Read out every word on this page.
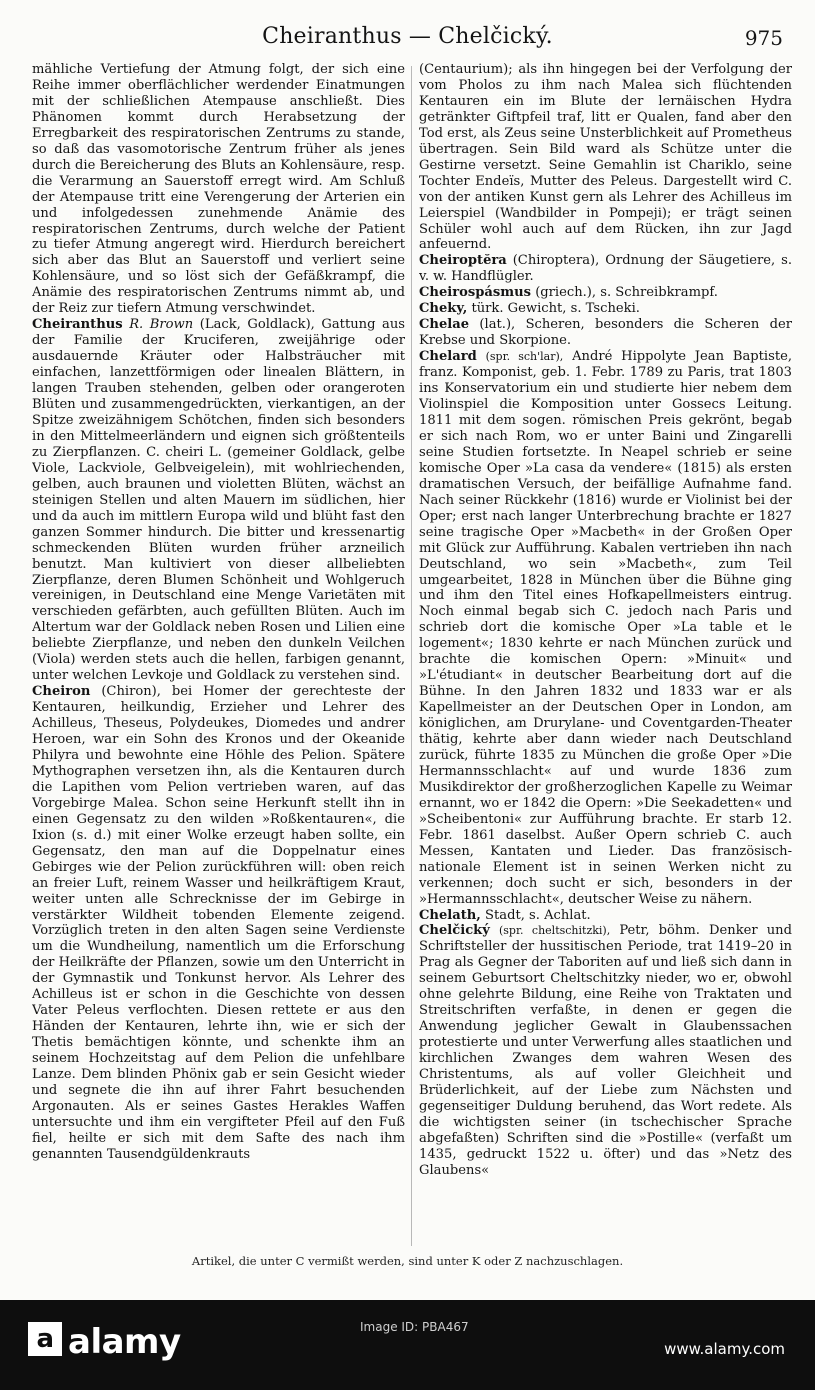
Cheiranthus — Chelčický.	975

mähliche Vertiefung der Atmung folgt, der sich eine Reihe immer oberflächlicher werdender Einatmungen mit der schließlichen Atempause anschließt. Dies Phänomen kommt durch Herabsetzung der Erregbarkeit des respiratorischen Zentrums zu stande, so daß das vasomotorische Zentrum früher als jenes durch die Bereicherung des Bluts an Kohlensäure, resp. die Verarmung an Sauerstoff erregt wird. Am Schluß der Atempause tritt eine Verengerung der Arterien ein und infolgedessen zunehmende Anämie des respiratorischen Zentrums, durch welche der Patient zu tiefer Atmung angeregt wird. Hierdurch bereichert sich aber das Blut an Sauerstoff und verliert seine Kohlensäure, und so löst sich der Gefäßkrampf, die Anämie des respiratorischen Zentrums nimmt ab, und der Reiz zur tiefern Atmung verschwindet.

Cheiranthus R. Brown (Lack, Goldlack), Gattung aus der Familie der Kruciferen, zweijährige oder ausdauernde Kräuter oder Halbsträucher mit einfachen, lanzettförmigen oder linealen Blättern, in langen Trauben stehenden, gelben oder orangeroten Blüten und zusammengedrückten, vierkantigen, an der Spitze zweizähnigem Schötchen, finden sich besonders in den Mittelmeerländern und eignen sich größtenteils zu Zierpflanzen. C. cheiri L. (gemeiner Goldlack, gelbe Viole, Lackviole, Gelbveigelein), mit wohlriechenden, gelben, auch braunen und violetten Blüten, wächst an steinigen Stellen und alten Mauern im südlichen, hier und da auch im mittlern Europa wild und blüht fast den ganzen Sommer hindurch. Die bitter und kressenartig schmeckenden Blüten wurden früher arzneilich benutzt. Man kultiviert von dieser allbeliebten Zierpflanze, deren Blumen Schönheit und Wohlgeruch vereinigen, in Deutschland eine Menge Varietäten mit verschieden gefärbten, auch gefüllten Blüten. Auch im Altertum war der Goldlack neben Rosen und Lilien eine beliebte Zierpflanze, und neben den dunkeln Veilchen (Viola) werden stets auch die hellen, farbigen genannt, unter welchen Levkoje und Goldlack zu verstehen sind.

Cheiron (Chiron), bei Homer der gerechteste der Kentauren, heilkundig, Erzieher und Lehrer des Achilleus, Theseus, Polydeukes, Diomedes und andrer Heroen, war ein Sohn des Kronos und der Okeanide Philyra und bewohnte eine Höhle des Pelion. Spätere Mythographen versetzen ihn, als die Kentauren durch die Lapithen vom Pelion vertrieben waren, auf das Vorgebirge Malea. Schon seine Herkunft stellt ihn in einen Gegensatz zu den wilden »Roßkentauren«, die Ixion (s. d.) mit einer Wolke erzeugt haben sollte, ein Gegensatz, den man auf die Doppelnatur eines Gebirges wie der Pelion zurückführen will: oben reich an freier Luft, reinem Wasser und heilkräftigem Kraut, weiter unten alle Schrecknisse der im Gebirge in verstärkter Wildheit tobenden Elemente zeigend. Vorzüglich treten in den alten Sagen seine Verdienste um die Wundheilung, namentlich um die Erforschung der Heilkräfte der Pflanzen, sowie um den Unterricht in der Gymnastik und Tonkunst hervor. Als Lehrer des Achilleus ist er schon in die Geschichte von dessen Vater Peleus verflochten. Diesen rettete er aus den Händen der Kentauren, lehrte ihn, wie er sich der Thetis bemächtigen könnte, und schenkte ihm an seinem Hochzeitstag auf dem Pelion die unfehlbare Lanze. Dem blinden Phönix gab er sein Gesicht wieder und segnete die ihn auf ihrer Fahrt besuchenden Argonauten. Als er seines Gastes Herakles Waffen untersuchte und ihm ein vergifteter Pfeil auf den Fuß fiel, heilte er sich mit dem Safte des nach ihm genannten Tausendgüldenkrauts

(Centaurium); als ihn hingegen bei der Verfolgung der vom Pholos zu ihm nach Malea sich flüchtenden Kentauren ein im Blute der lernäischen Hydra getränkter Giftpfeil traf, litt er Qualen, fand aber den Tod erst, als Zeus seine Unsterblichkeit auf Prometheus übertragen. Sein Bild ward als Schütze unter die Gestirne versetzt. Seine Gemahlin ist Chariklo, seine Tochter Endeïs, Mutter des Peleus. Dargestellt wird C. von der antiken Kunst gern als Lehrer des Achilleus im Leierspiel (Wandbilder in Pompeji); er trägt seinen Schüler wohl auch auf dem Rücken, ihn zur Jagd anfeuernd.

Cheiroptĕra (Chiroptera), Ordnung der Säugetiere, s. v. w. Handflügler.

Cheirospásmus (griech.), s. Schreibkrampf.

Cheky, türk. Gewicht, s. Tscheki.

Chelae (lat.), Scheren, besonders die Scheren der Krebse und Skorpione.

Chelard (spr. sch'lar), André Hippolyte Jean Baptiste, franz. Komponist, geb. 1. Febr. 1789 zu Paris, trat 1803 ins Konservatorium ein und studierte hier nebem dem Violinspiel die Komposition unter Gossecs Leitung. 1811 mit dem sogen. römischen Preis gekrönt, begab er sich nach Rom, wo er unter Baini und Zingarelli seine Studien fortsetzte. In Neapel schrieb er seine komische Oper »La casa da vendere« (1815) als ersten dramatischen Versuch, der beifällige Aufnahme fand. Nach seiner Rückkehr (1816) wurde er Violinist bei der Oper; erst nach langer Unterbrechung brachte er 1827 seine tragische Oper »Macbeth« in der Großen Oper mit Glück zur Aufführung. Kabalen vertrieben ihn nach Deutschland, wo sein »Macbeth«, zum Teil umgearbeitet, 1828 in München über die Bühne ging und ihm den Titel eines Hofkapellmeisters eintrug. Noch einmal begab sich C. jedoch nach Paris und schrieb dort die komische Oper »La table et le logement«; 1830 kehrte er nach München zurück und brachte die komischen Opern: »Minuit« und »L'étudiant« in deutscher Bearbeitung dort auf die Bühne. In den Jahren 1832 und 1833 war er als Kapellmeister an der Deutschen Oper in London, am königlichen, am Drurylane- und Coventgarden-Theater thätig, kehrte aber dann wieder nach Deutschland zurück, führte 1835 zu München die große Oper »Die Hermannsschlacht« auf und wurde 1836 zum Musikdirektor der großherzoglichen Kapelle zu Weimar ernannt, wo er 1842 die Opern: »Die Seekadetten« und »Scheibentoni« zur Aufführung brachte. Er starb 12. Febr. 1861 daselbst. Außer Opern schrieb C. auch Messen, Kantaten und Lieder. Das französisch-nationale Element ist in seinen Werken nicht zu verkennen; doch sucht er sich, besonders in der »Hermannsschlacht«, deutscher Weise zu nähern.

Chelath, Stadt, s. Achlat.

Chelčický (spr. cheltschitzki), Petr, böhm. Denker und Schriftsteller der hussitischen Periode, trat 1419–20 in Prag als Gegner der Taboriten auf und ließ sich dann in seinem Geburtsort Cheltschitzky nieder, wo er, obwohl ohne gelehrte Bildung, eine Reihe von Traktaten und Streitschriften verfaßte, in denen er gegen die Anwendung jeglicher Gewalt in Glaubenssachen protestierte und unter Verwerfung alles staatlichen und kirchlichen Zwanges dem wahren Wesen des Christentums, als auf voller Gleichheit und Brüderlichkeit, auf der Liebe zum Nächsten und gegenseitiger Duldung beruhend, das Wort redete. Als die wichtigsten seiner (in tschechischer Sprache abgefaßten) Schriften sind die »Postille« (verfaßt um 1435, gedruckt 1522 u. öfter) und das »Netz des Glaubens«

Artikel, die unter C vermißt werden, sind unter K oder Z nachzuschlagen.
a alamy	Image ID: PBA467
www.alamy.com
